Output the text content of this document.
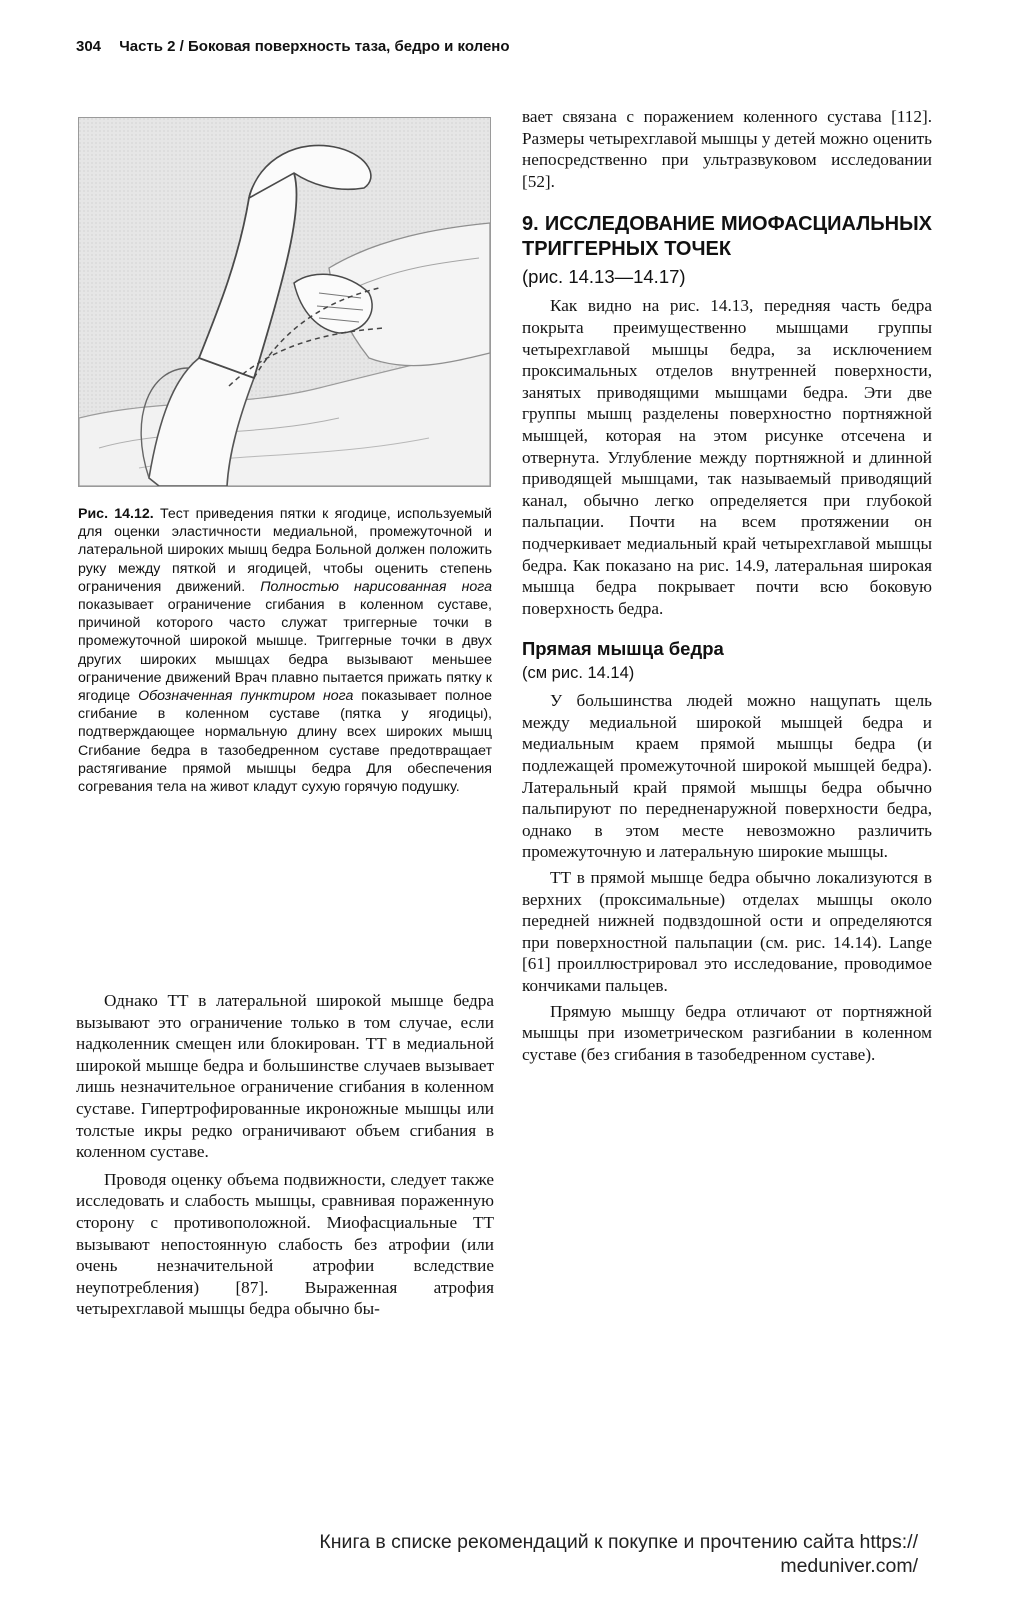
304 Часть 2 / Боковая поверхность таза, бедро и колено
Рис. 14.12. Тест приведения пятки к ягодице, используемый для оценки эластичности медиальной, промежуточной и латеральной широких мышц бедра Больной должен положить руку между пяткой и ягодицей, чтобы оценить степень ограничения движений. Полностью нарисованная нога показывает ограничение сгибания в коленном суставе, причиной которого часто служат триггерные точки в промежуточной широкой мышце. Триггерные точки в двух других широких мышцах бедра вызывают меньшее ограничение движений Врач плавно пытается прижать пятку к ягодице Обозначенная пунктиром нога показывает полное сгибание в коленном суставе (пятка у ягодицы), подтверждающее нормальную длину всех широких мышц Сгибание бедра в тазобедренном суставе предотвращает растягивание прямой мышцы бедра Для обеспечения согревания тела на живот кладут сухую горячую подушку.

Однако ТТ в латеральной широкой мышце бедра вызывают это ограничение только в том случае, если надколенник смещен или блокирован. ТТ в медиальной широкой мышце бедра и большинстве случаев вызывает лишь незначительное ограничение сгибания в коленном суставе. Гипертрофированные икроножные мышцы или толстые икры редко ограничивают объем сгибания в коленном суставе.

Проводя оценку объема подвижности, следует также исследовать и слабость мышцы, сравнивая пораженную сторону с противоположной. Миофасциальные ТТ вызывают непостоянную слабость без атрофии (или очень незначительной атрофии вследствие неупотребления) [87]. Выраженная атрофия четырехглавой мышцы бедра обычно бы-

вает связана с поражением коленного сустава [112]. Размеры четырехглавой мышцы у детей можно оценить непосредственно при ультразвуковом исследовании [52].

9. ИССЛЕДОВАНИЕ МИОФАСЦИАЛЬНЫХ ТРИГГЕРНЫХ ТОЧЕК
(рис. 14.13—14.17)

Как видно на рис. 14.13, передняя часть бедра покрыта преимущественно мышцами группы четырехглавой мышцы бедра, за исключением проксимальных отделов внутренней поверхности, занятых приводящими мышцами бедра. Эти две группы мышц разделены поверхностно портняжной мышцей, которая на этом рисунке отсечена и отвернута. Углубление между портняжной и длинной приводящей мышцами, так называемый приводящий канал, обычно легко определяется при глубокой пальпации. Почти на всем протяжении он подчеркивает медиальный край четырехглавой мышцы бедра. Как показано на рис. 14.9, латеральная широкая мышца бедра покрывает почти всю боковую поверхность бедра.

Прямая мышца бедра
(см рис. 14.14)

У большинства людей можно нащупать щель между медиальной широкой мышцей бедра и медиальным краем прямой мышцы бедра (и подлежащей промежуточной широкой мышцей бедра). Латеральный край прямой мышцы бедра обычно пальпируют по передненаружной поверхности бедра, однако в этом месте невозможно различить промежуточную и латеральную широкие мышцы.

ТТ в прямой мышце бедра обычно локализуются в верхних (проксимальные) отделах мышцы около передней нижней подвздошной ости и определяются при поверхностной пальпации (см. рис. 14.14). Lange [61] проиллюстрировал это исследование, проводимое кончиками пальцев.

Прямую мышцу бедра отличают от портняжной мышцы при изометрическом разгибании в коленном суставе (без сгибания в тазобедренном суставе).

Книга в списке рекомендаций к покупке и прочтению сайта https://
meduniver.com/
